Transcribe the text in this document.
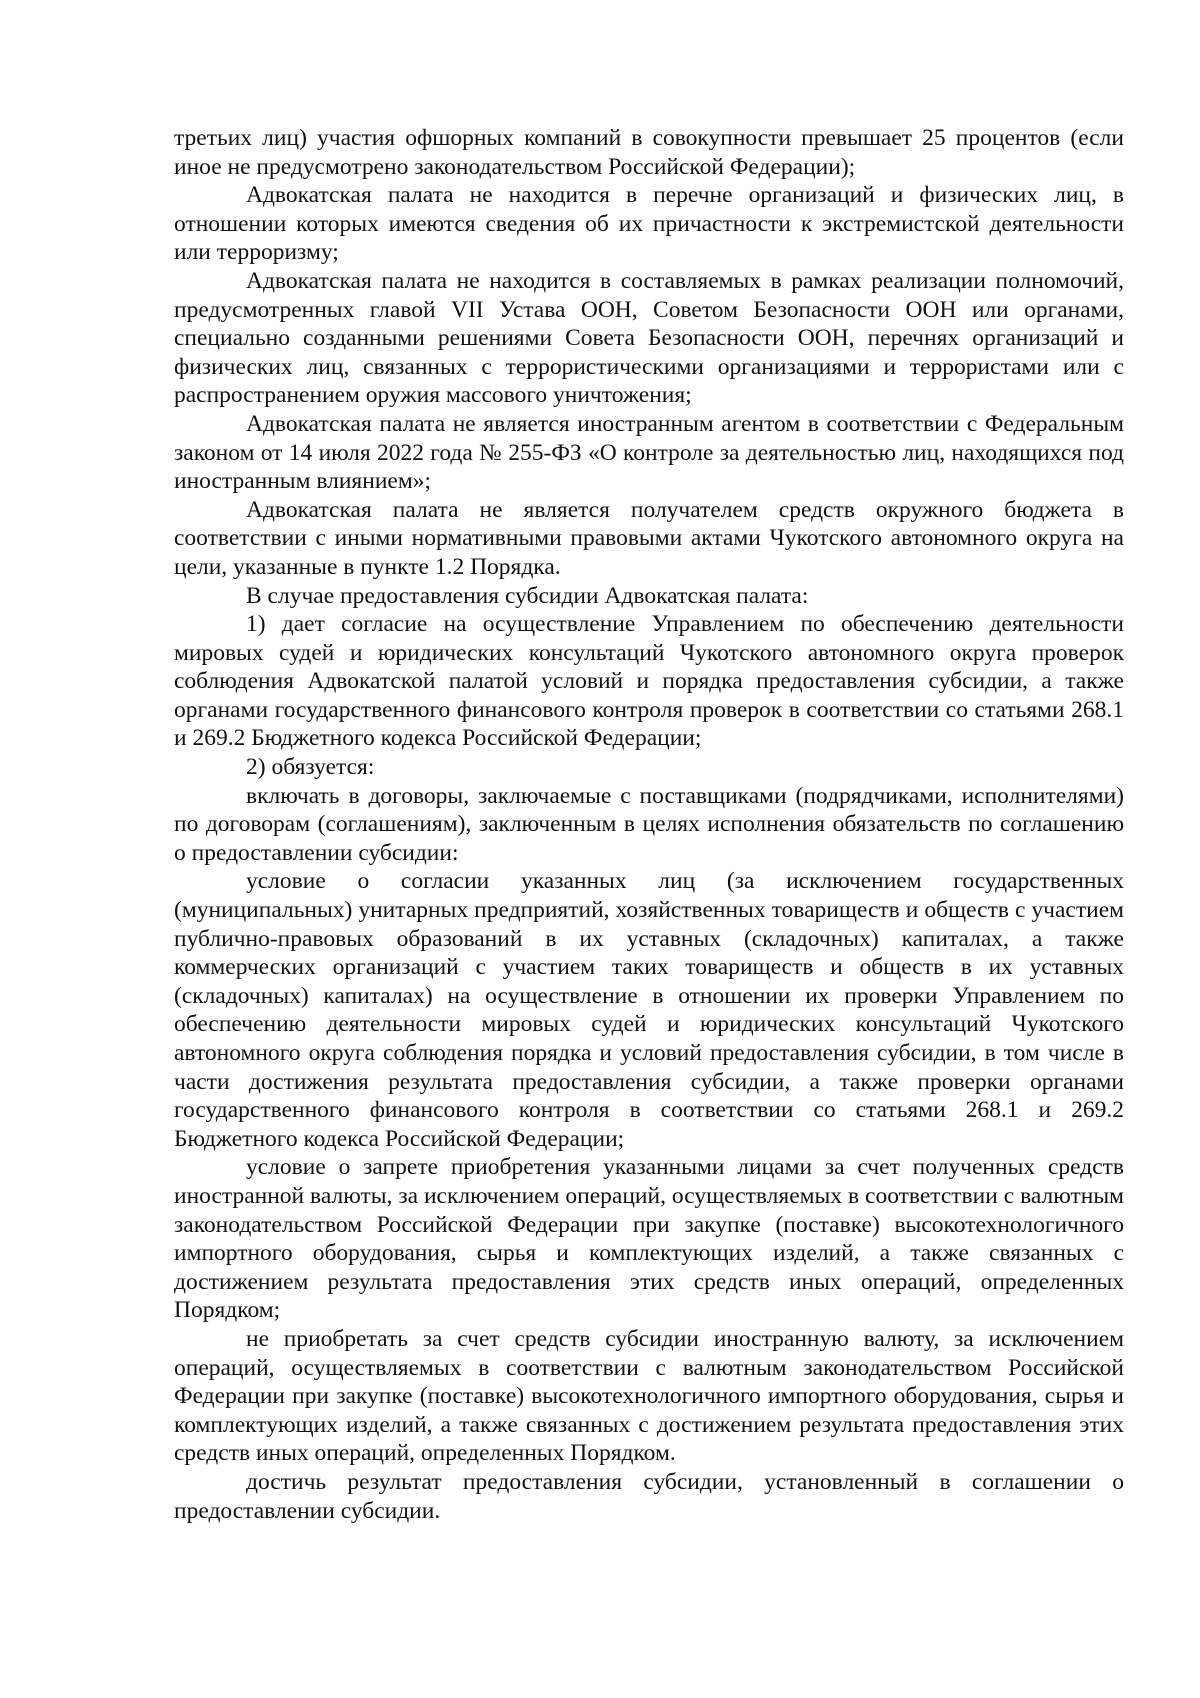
третьих лиц) участия офшорных компаний в совокупности превышает 25 процентов (если иное не предусмотрено законодательством Российской Федерации);

Адвокатская палата не находится в перечне организаций и физических лиц, в отношении которых имеются сведения об их причастности к экстремистской деятельности или терроризму;

Адвокатская палата не находится в составляемых в рамках реализации полномочий, предусмотренных главой VII Устава ООН, Советом Безопасности ООН или органами, специально созданными решениями Совета Безопасности ООН, перечнях организаций и физических лиц, связанных с террористическими организациями и террористами или с распространением оружия массового уничтожения;

Адвокатская палата не является иностранным агентом в соответствии с Федеральным законом от 14 июля 2022 года № 255-ФЗ «О контроле за деятельностью лиц, находящихся под иностранным влиянием»;

Адвокатская палата не является получателем средств окружного бюджета в соответствии с иными нормативными правовыми актами Чукотского автономного округа на цели, указанные в пункте 1.2 Порядка.

В случае предоставления субсидии Адвокатская палата:

1) дает согласие на осуществление Управлением по обеспечению деятельности мировых судей и юридических консультаций Чукотского автономного округа проверок соблюдения Адвокатской палатой условий и порядка предоставления субсидии, а также органами государственного финансового контроля проверок в соответствии со статьями 268.1 и 269.2 Бюджетного кодекса Российской Федерации;

2) обязуется:

включать в договоры, заключаемые с поставщиками (подрядчиками, исполнителями) по договорам (соглашениям), заключенным в целях исполнения обязательств по соглашению о предоставлении субсидии:

условие о согласии указанных лиц (за исключением государственных (муниципальных) унитарных предприятий, хозяйственных товариществ и обществ с участием публично-правовых образований в их уставных (складочных) капиталах, а также коммерческих организаций с участием таких товариществ и обществ в их уставных (складочных) капиталах) на осуществление в отношении их проверки Управлением по обеспечению деятельности мировых судей и юридических консультаций Чукотского автономного округа соблюдения порядка и условий предоставления субсидии, в том числе в части достижения результата предоставления субсидии, а также проверки органами государственного финансового контроля в соответствии со статьями 268.1 и 269.2 Бюджетного кодекса Российской Федерации;

условие о запрете приобретения указанными лицами за счет полученных средств иностранной валюты, за исключением операций, осуществляемых в соответствии с валютным законодательством Российской Федерации при закупке (поставке) высокотехнологичного импортного оборудования, сырья и комплектующих изделий, а также связанных с достижением результата предоставления этих средств иных операций, определенных Порядком;

не приобретать за счет средств субсидии иностранную валюту, за исключением операций, осуществляемых в соответствии с валютным законодательством Российской Федерации при закупке (поставке) высокотехнологичного импортного оборудования, сырья и комплектующих изделий, а также связанных с достижением результата предоставления этих средств иных операций, определенных Порядком.

достичь результат предоставления субсидии, установленный в соглашении о предоставлении субсидии.
